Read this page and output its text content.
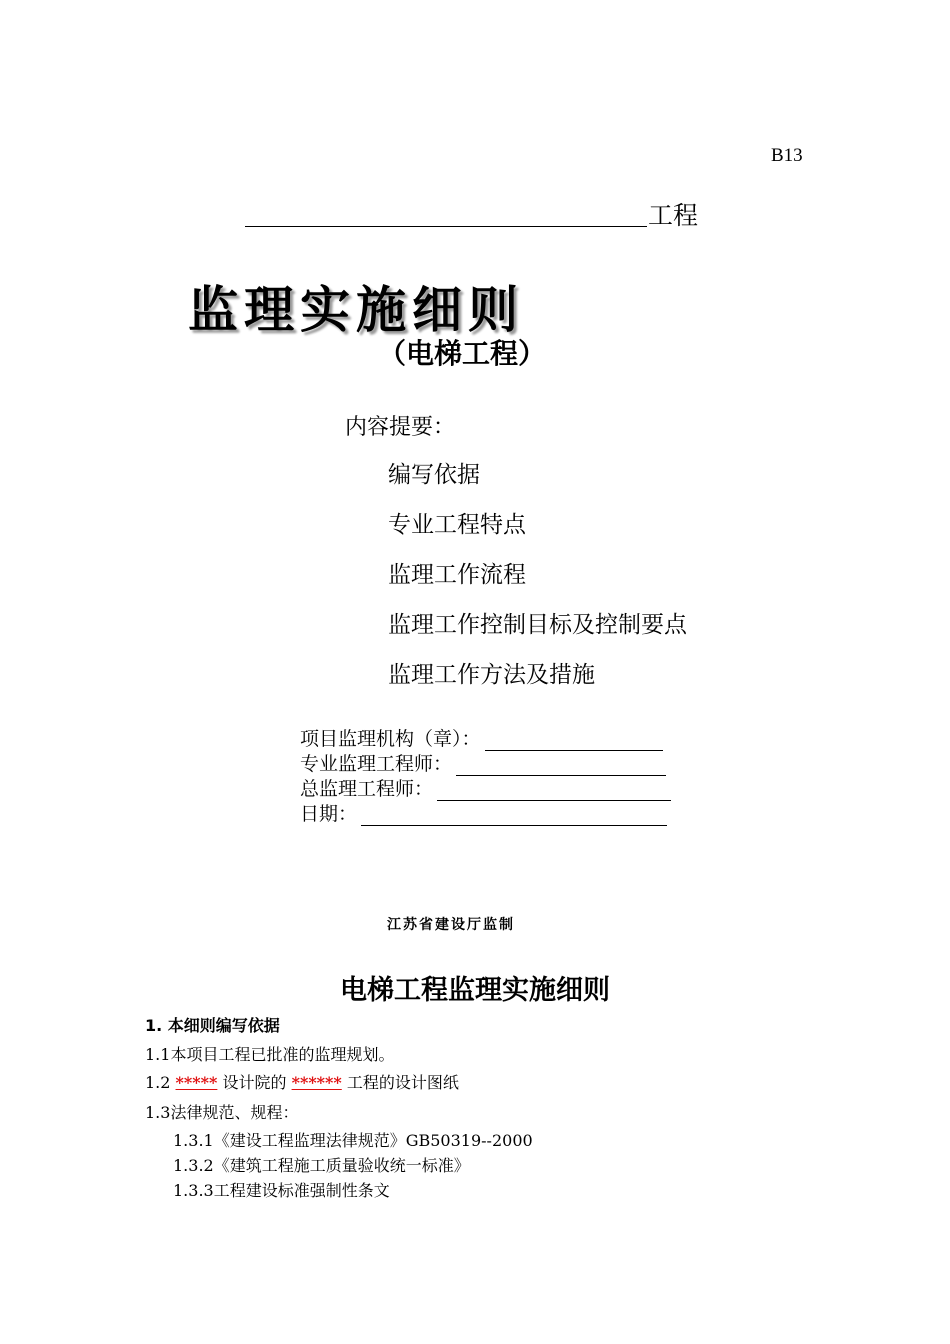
B13
工程
监理实施细则
（电梯工程）
内容提要：
编写依据
专业工程特点
监理工作流程
监理工作控制目标及控制要点
监理工作方法及措施
项目监理机构（章）：
专业监理工程师：
总监理工程师：
日期：
江苏省建设厅监制
电梯工程监理实施细则
1. 本细则编写依据
1.1本项目工程已批准的监理规划。
1.2 ***** 设计院的 ****** 工程的设计图纸
1.3法律规范、规程：
1.3.1《建设工程监理法律规范》GB50319--2000
1.3.2《建筑工程施工质量验收统一标准》
1.3.3工程建设标准强制性条文
